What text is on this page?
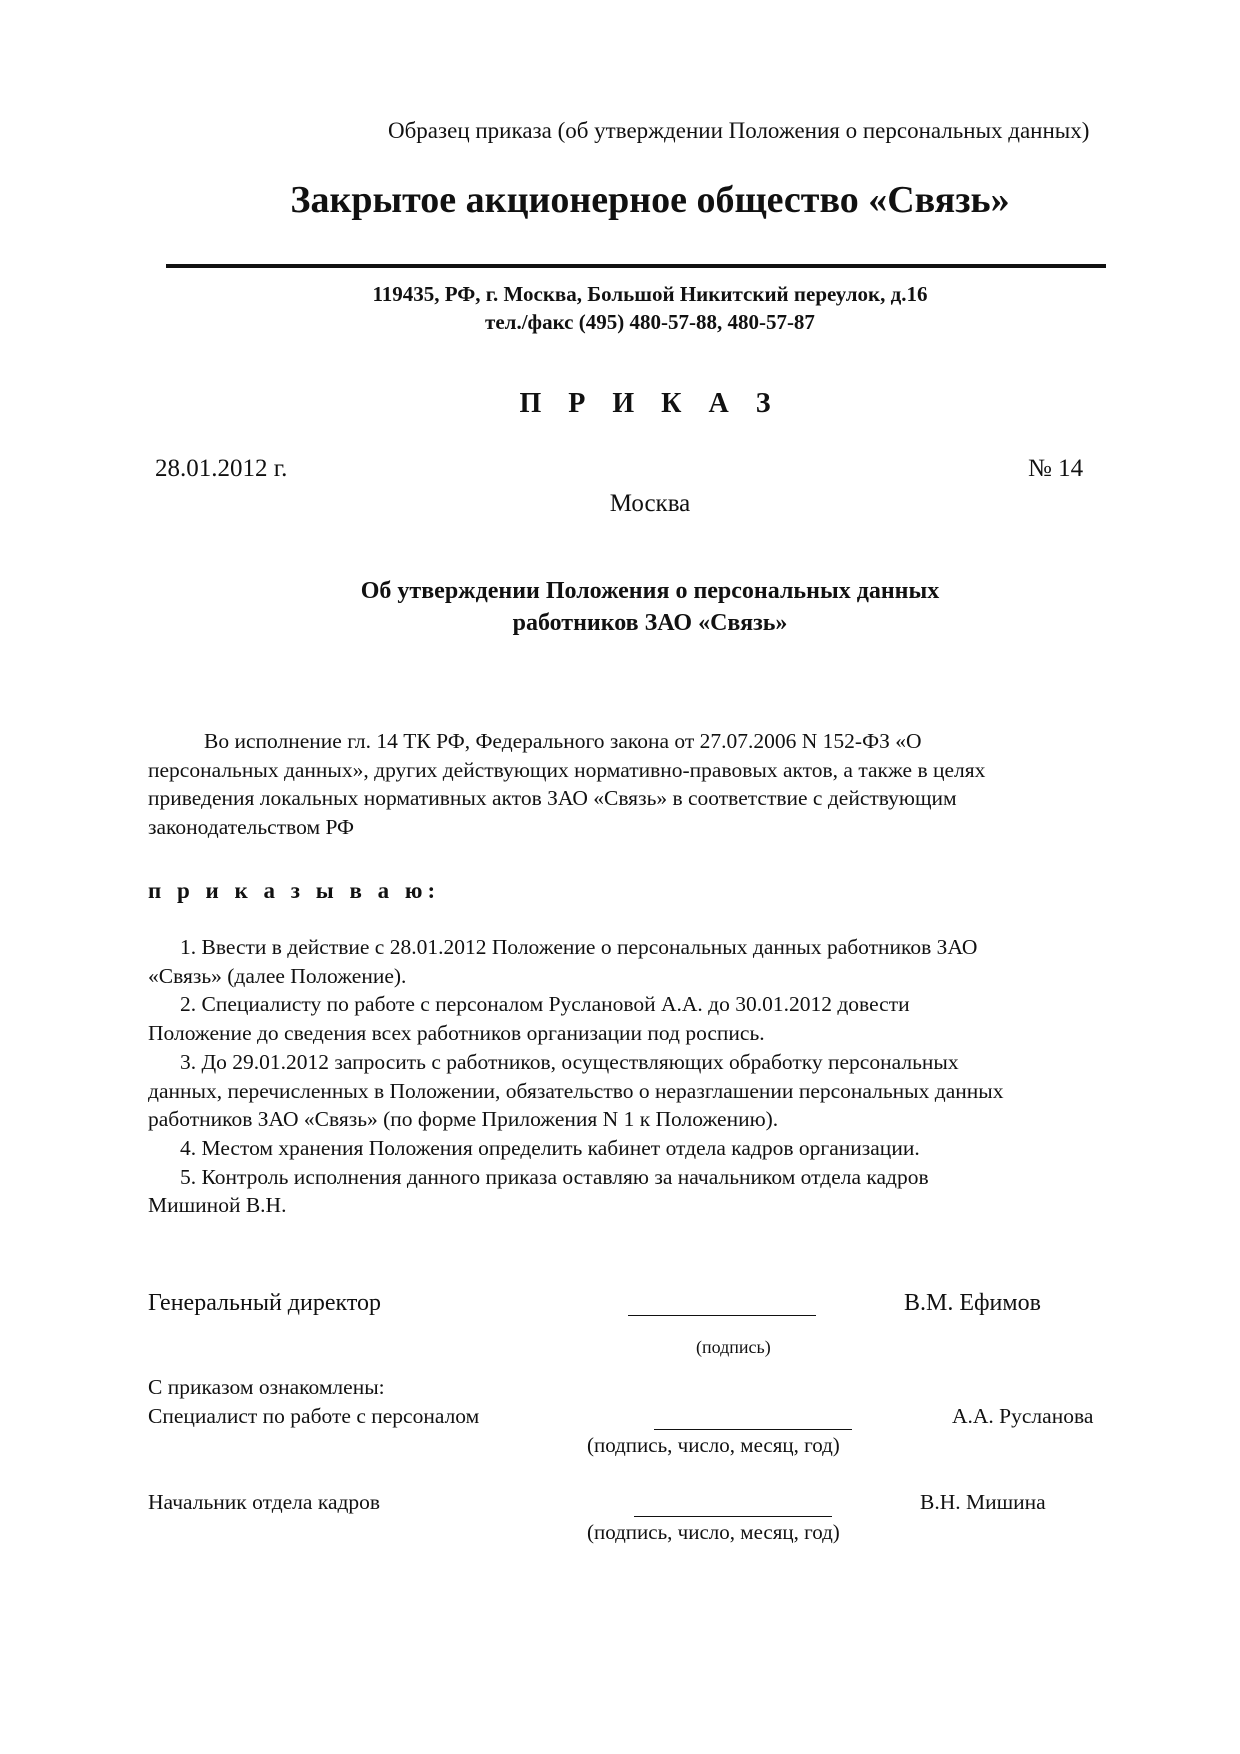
Образец приказа (об утверждении Положения о персональных данных)
Закрытое акционерное общество «Связь»
119435, РФ, г. Москва, Большой Никитский переулок, д.16
тел./факс (495) 480-57-88, 480-57-87
П Р И К А З
28.01.2012 г.	№ 14
Москва
Об утверждении Положения о персональных данных
работников ЗАО «Связь»
Во исполнение гл. 14 ТК РФ, Федерального закона от 27.07.2006 N 152-ФЗ «О
персональных данных», других действующих нормативно-правовых актов, а также в целях
приведения локальных нормативных актов ЗАО «Связь» в соответствие с действующим
законодательством РФ
п р и к а з ы в а ю:
1. Ввести в действие с 28.01.2012 Положение о персональных данных работников ЗАО
«Связь» (далее Положение).
2. Специалисту по работе с персоналом Руслановой А.А. до 30.01.2012 довести
Положение до сведения всех работников организации под роспись.
3. До 29.01.2012 запросить с работников, осуществляющих обработку персональных
данных, перечисленных в Положении, обязательство о неразглашении персональных данных
работников ЗАО «Связь» (по форме Приложения N 1 к Положению).
4. Местом хранения Положения определить кабинет отдела кадров организации.
5. Контроль исполнения данного приказа оставляю за начальником отдела кадров
Мишиной В.Н.
Генеральный директор	В.М. Ефимов
(подпись)
С приказом ознакомлены:
Специалист по работе с персоналом	А.А. Русланова
(подпись, число, месяц, год)
Начальник отдела кадров	В.Н. Мишина
(подпись, число, месяц, год)
